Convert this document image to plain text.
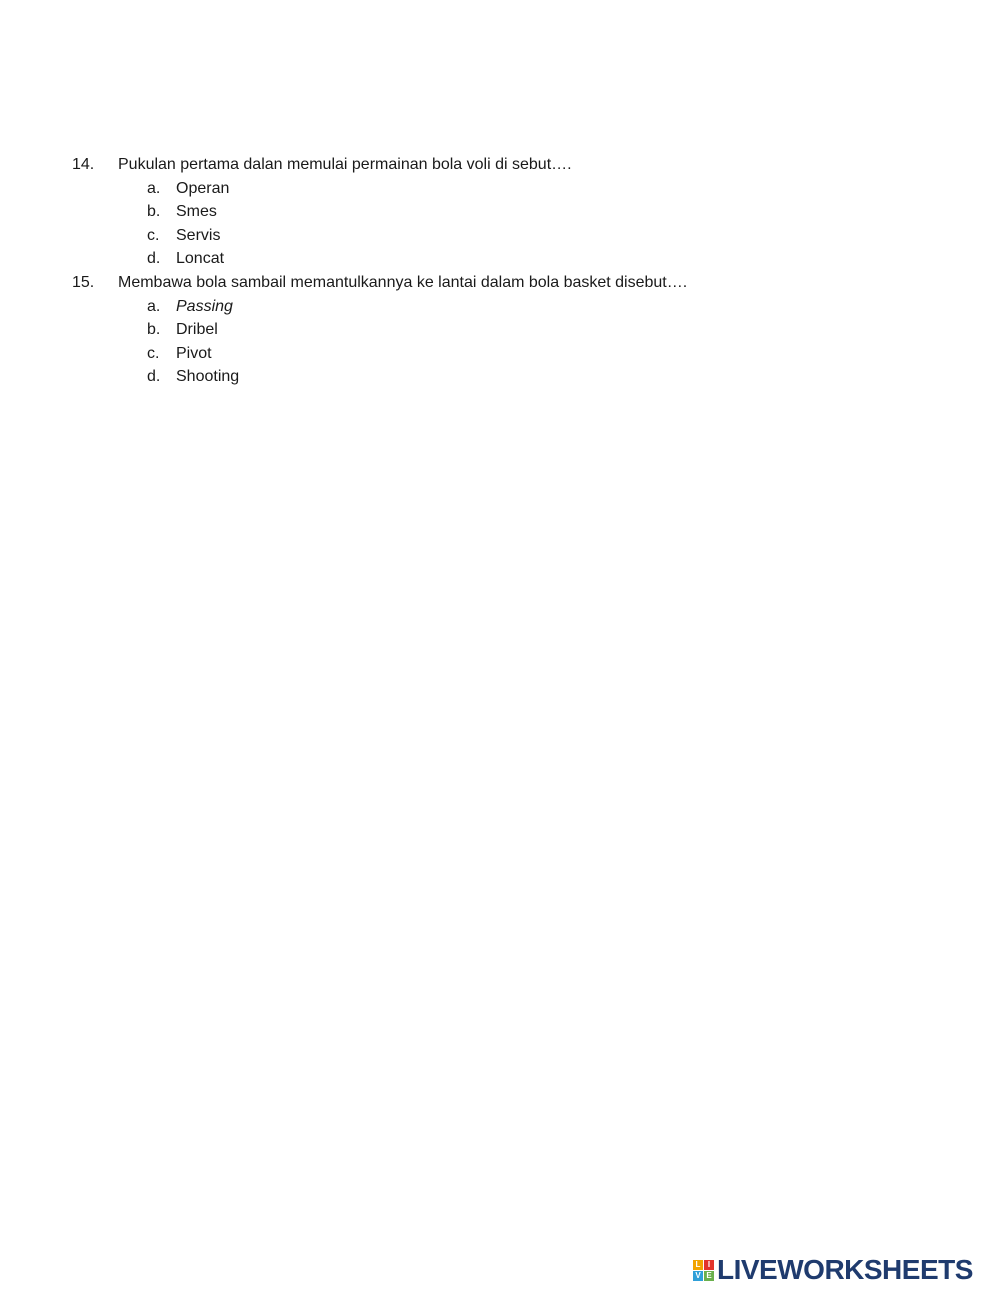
14. Pukulan pertama dalan memulai permainan bola voli di sebut….
a. Operan
b. Smes
c. Servis
d. Loncat
15. Membawa bola sambail memantulkannya ke lantai dalam bola basket disebut….
a. Passing
b. Dribel
c. Pivot
d. Shooting
L I
V E LIVEWORKSHEETS
